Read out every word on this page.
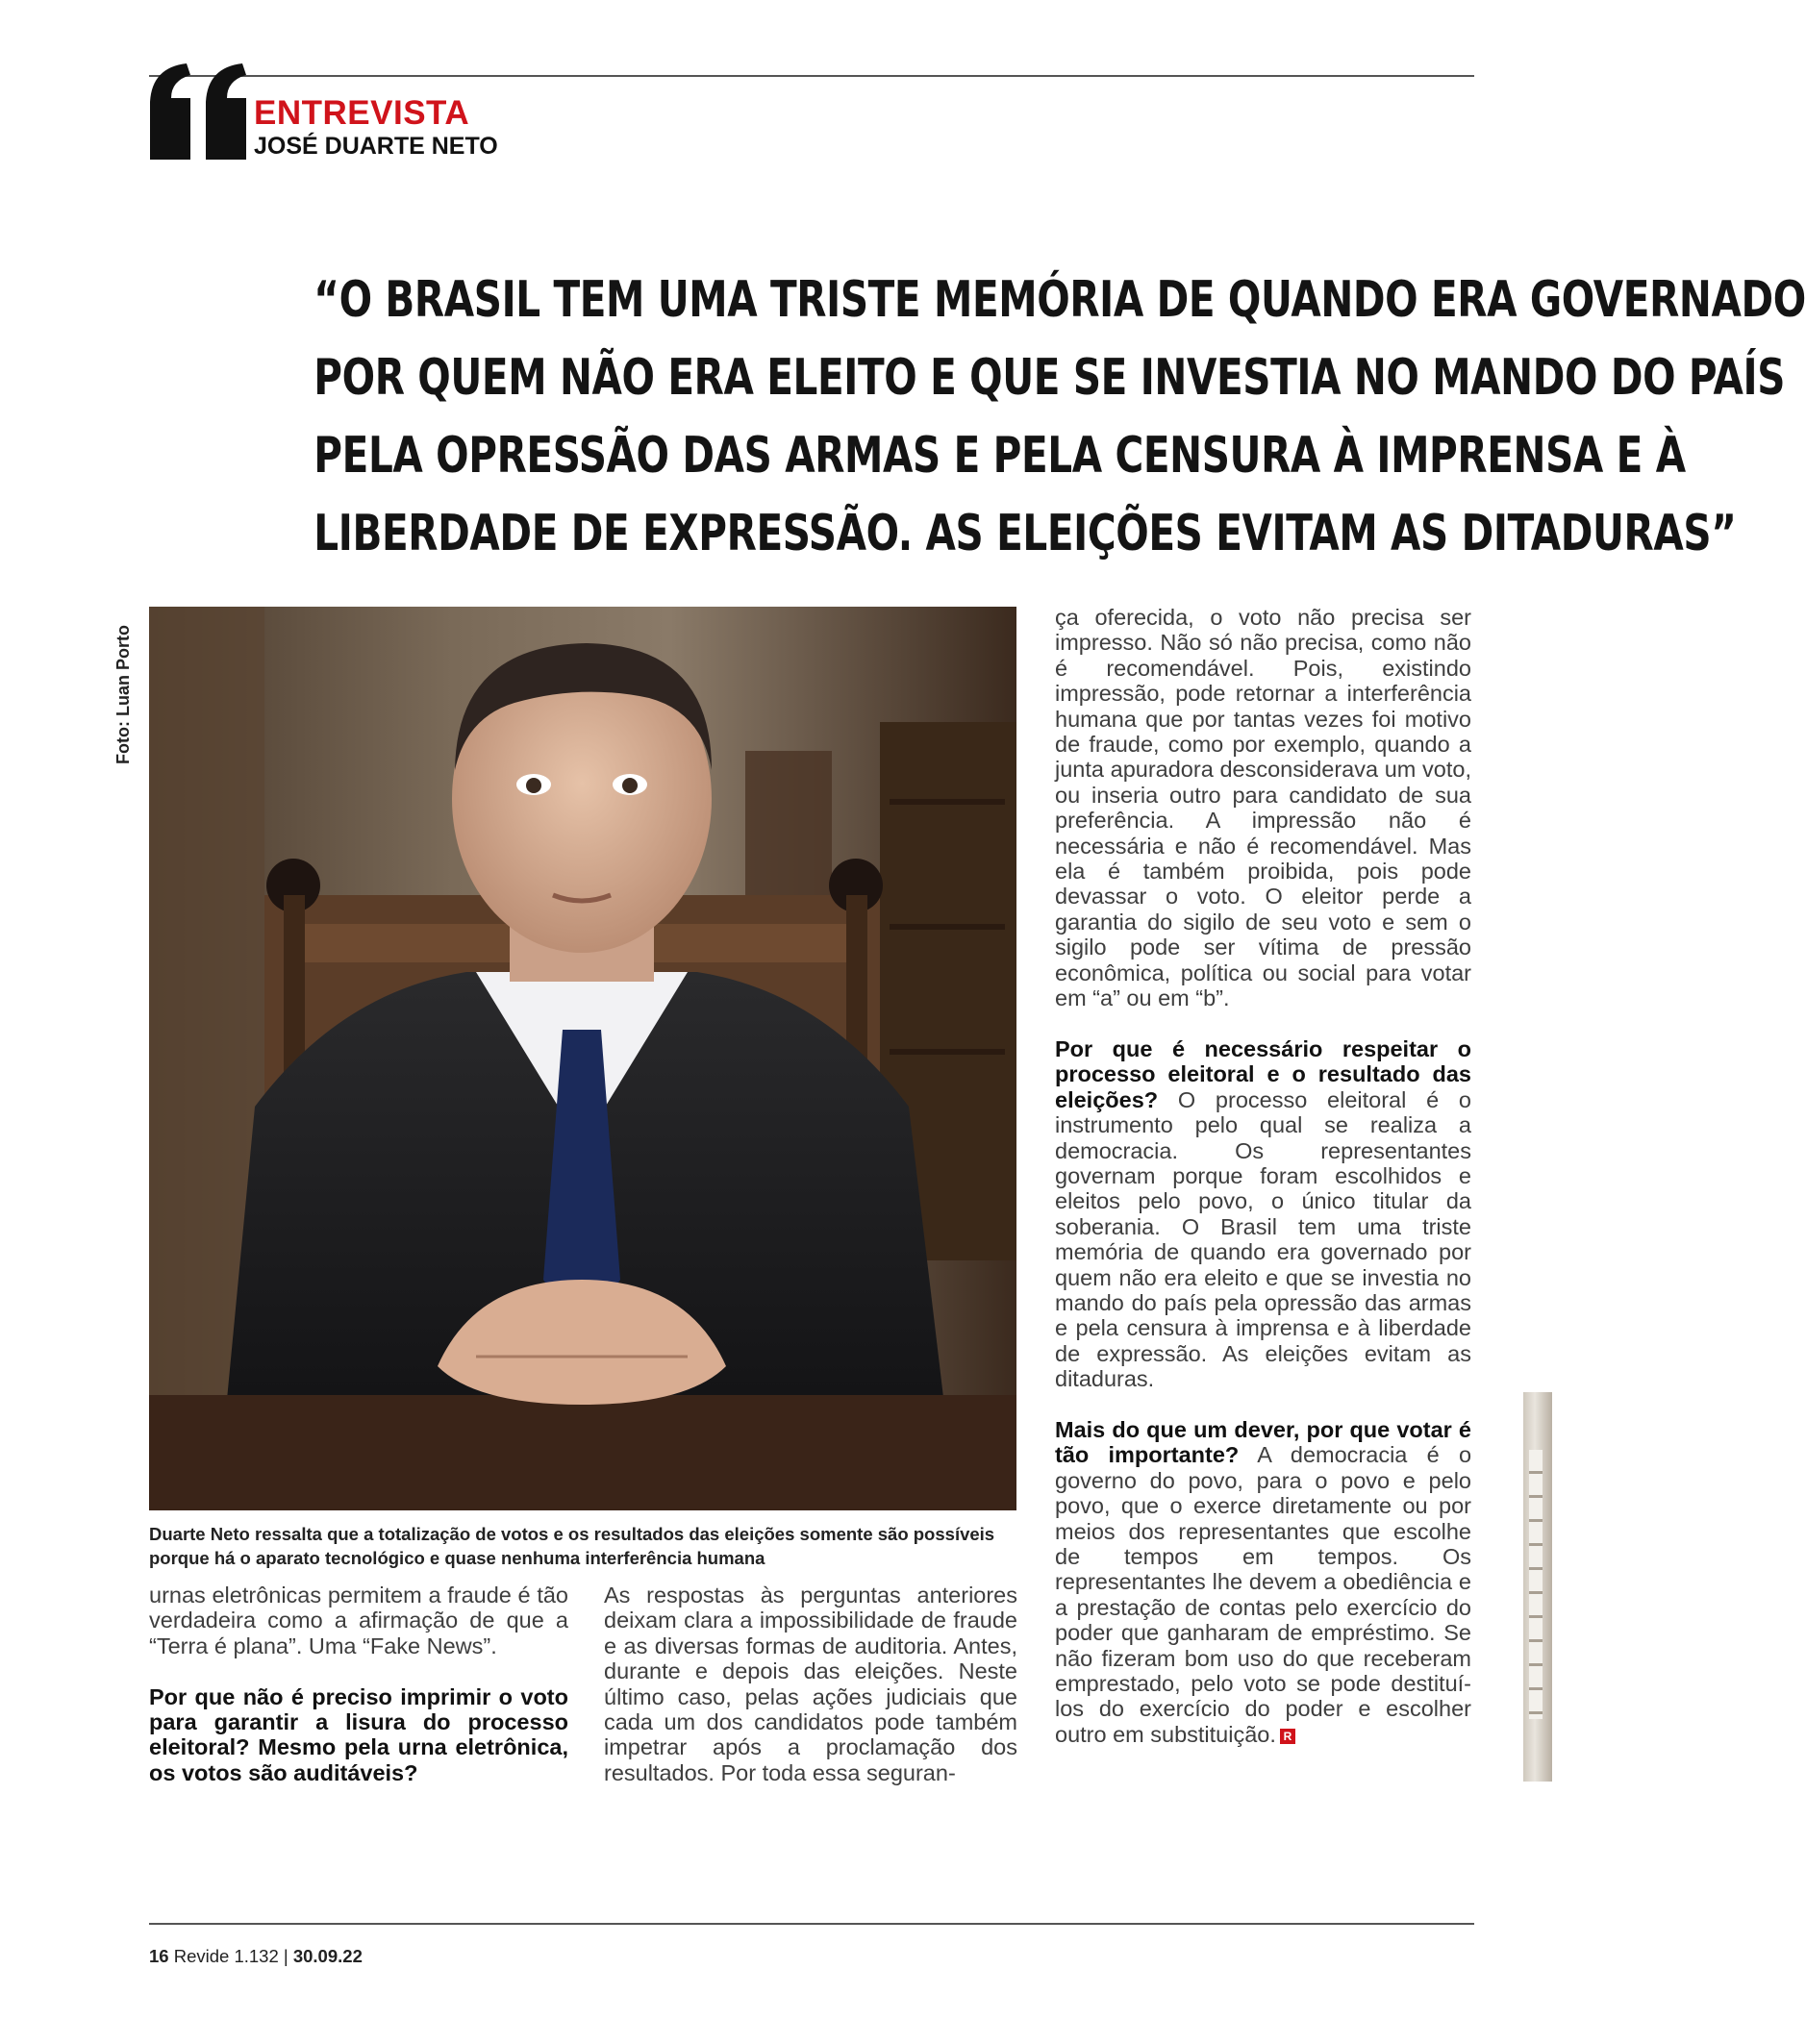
ENTREVISTA
JOSÉ DUARTE NETO
“O BRASIL TEM UMA TRISTE MEMÓRIA DE QUANDO ERA GOVERNADO
POR QUEM NÃO ERA ELEITO E QUE SE INVESTIA NO MANDO DO PAÍS
PELA OPRESSÃO DAS ARMAS E PELA CENSURA À IMPRENSA E À
LIBERDADE DE EXPRESSÃO. AS ELEIÇÕES EVITAM AS DITADURAS”
Foto: Luan Porto
Duarte Neto ressalta que a totalização de votos e os resultados das eleições somente são possíveis porque há o aparato tecnológico e quase nenhuma interferência humana

urnas eletrônicas permitem a fraude é tão verdadeira como a afirmação de que a “Terra é plana”. Uma “Fake News”.

Por que não é preciso imprimir o voto para garantir a lisura do processo eleitoral? Mesmo pela urna eletrônica, os votos são auditáveis?

As respostas às perguntas anteriores deixam clara a impossibilidade de fraude e as diversas formas de auditoria. Antes, durante e depois das eleições. Neste último caso, pelas ações judiciais que cada um dos candidatos pode também impetrar após a proclamação dos resultados. Por toda essa seguran-

ça oferecida, o voto não precisa ser impresso. Não só não precisa, como não é recomendável. Pois, existindo impressão, pode retornar a interferência humana que por tantas vezes foi motivo de fraude, como por exemplo, quando a junta apuradora desconsiderava um voto, ou inseria outro para candidato de sua preferência. A impressão não é necessária e não é recomendável. Mas ela é também proibida, pois pode devassar o voto. O eleitor perde a garantia do sigilo de seu voto e sem o sigilo pode ser vítima de pressão econômica, política ou social para votar em “a” ou em “b”.

Por que é necessário respeitar o processo eleitoral e o resultado das eleições? O processo eleitoral é o instrumento pelo qual se realiza a democracia. Os representantes governam porque foram escolhidos e eleitos pelo povo, o único titular da soberania. O Brasil tem uma triste memória de quando era governado por quem não era eleito e que se investia no mando do país pela opressão das armas e pela censura à imprensa e à liberdade de expressão. As eleições evitam as ditaduras.

Mais do que um dever, por que votar é tão importante? A democracia é o governo do povo, para o povo e pelo povo, que o exerce diretamente ou por meios dos representantes que escolhe de tempos em tempos. Os representantes lhe devem a obediência e a prestação de contas pelo exercício do poder que ganharam de empréstimo. Se não fizeram bom uso do que receberam emprestado, pelo voto se pode destituí-los do exercício do poder e escolher outro em substituição. R

16 Revide 1.132 | 30.09.22
